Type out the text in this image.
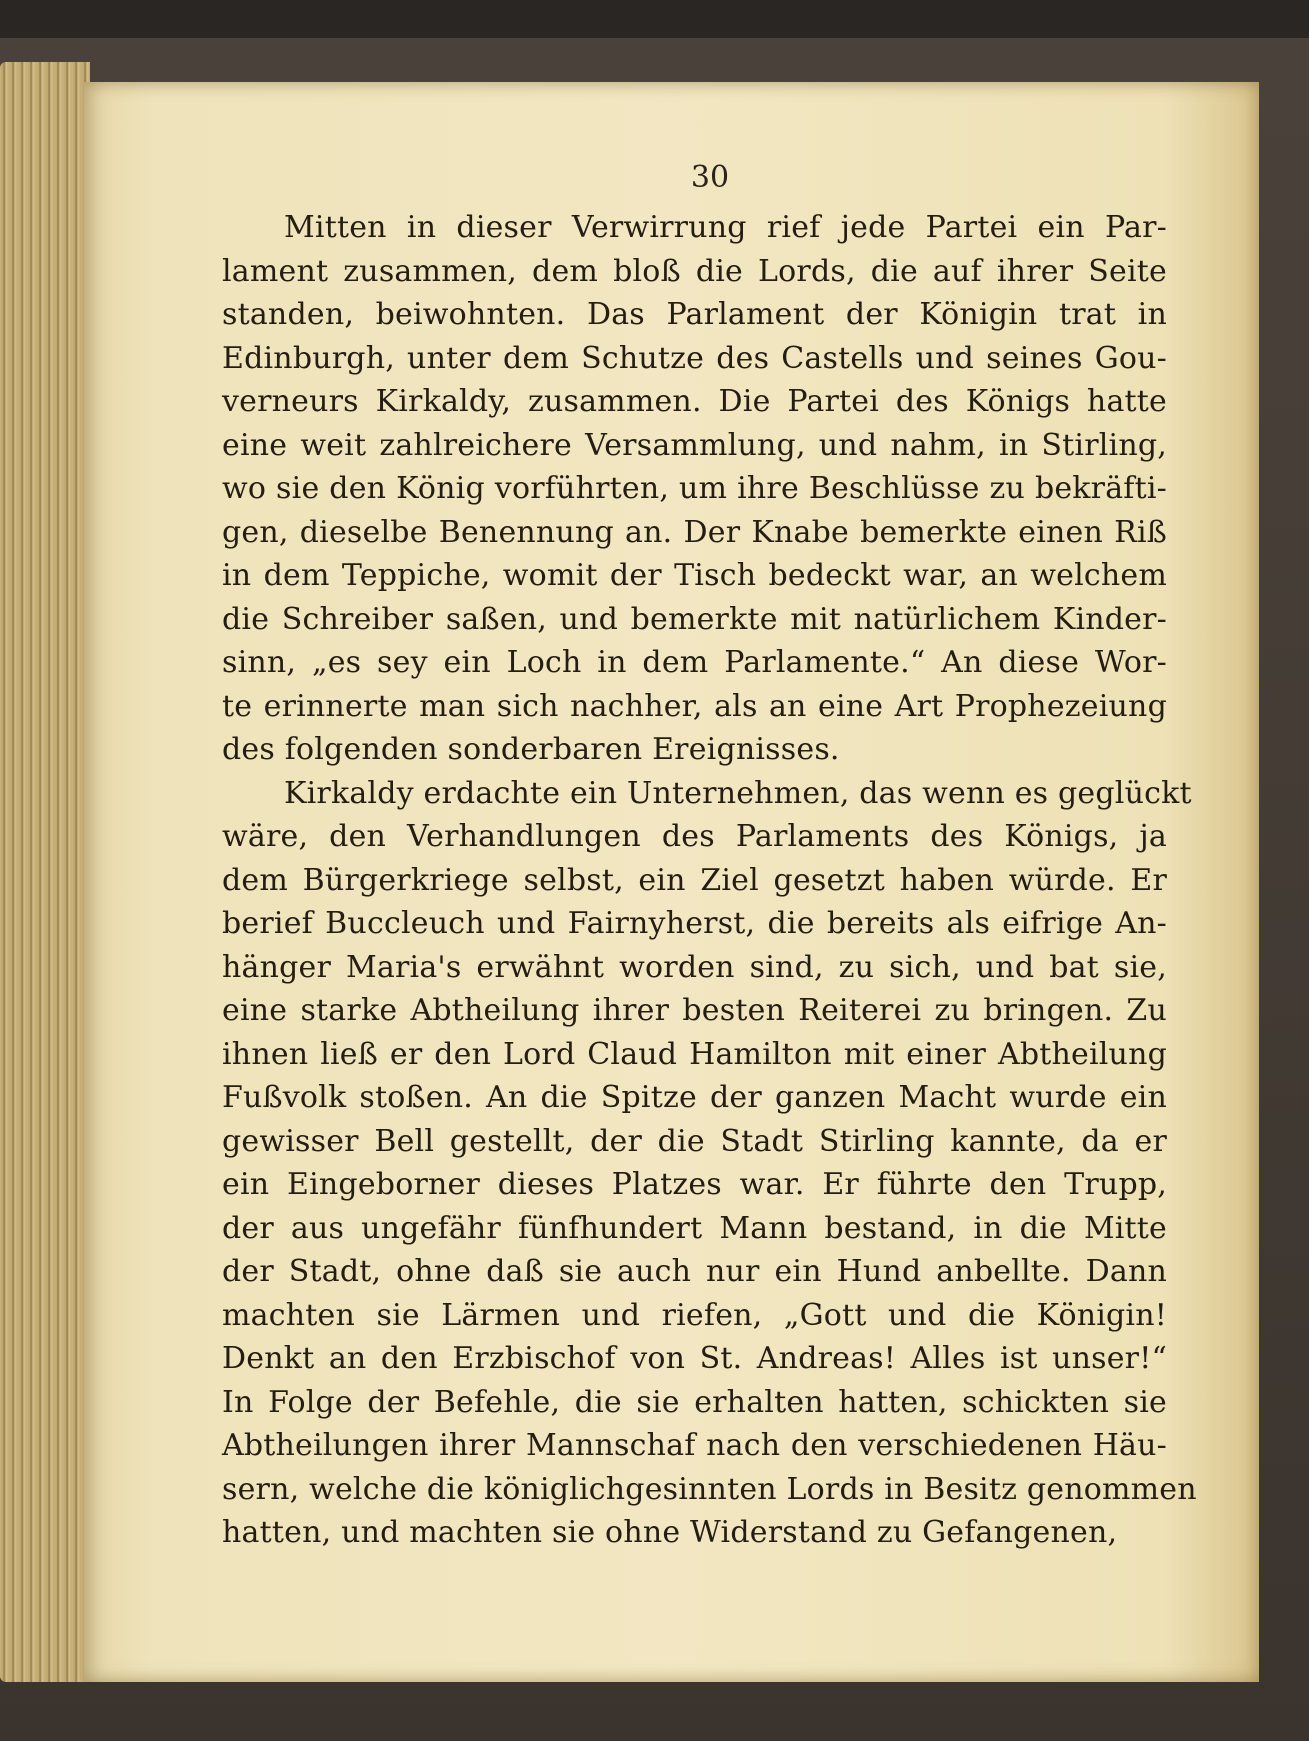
30
Mitten in dieser Verwirrung rief jede Partei ein Par-
lament zusammen, dem bloß die Lords, die auf ihrer Seite
standen, beiwohnten. Das Parlament der Königin trat in
Edinburgh, unter dem Schutze des Castells und seines Gou-
verneurs Kirkaldy, zusammen. Die Partei des Königs hatte
eine weit zahlreichere Versammlung, und nahm, in Stirling,
wo sie den König vorführten, um ihre Beschlüsse zu bekräfti-
gen, dieselbe Benennung an. Der Knabe bemerkte einen Riß
in dem Teppiche, womit der Tisch bedeckt war, an welchem
die Schreiber saßen, und bemerkte mit natürlichem Kinder-
sinn, „es sey ein Loch in dem Parlamente.“ An diese Wor-
te erinnerte man sich nachher, als an eine Art Prophezeiung
des folgenden sonderbaren Ereignisses.
Kirkaldy erdachte ein Unternehmen, das wenn es geglückt
wäre, den Verhandlungen des Parlaments des Königs, ja
dem Bürgerkriege selbst, ein Ziel gesetzt haben würde. Er
berief Buccleuch und Fairnyherst, die bereits als eifrige An-
hänger Maria's erwähnt worden sind, zu sich, und bat sie,
eine starke Abtheilung ihrer besten Reiterei zu bringen. Zu
ihnen ließ er den Lord Claud Hamilton mit einer Abtheilung
Fußvolk stoßen. An die Spitze der ganzen Macht wurde ein
gewisser Bell gestellt, der die Stadt Stirling kannte, da er
ein Eingeborner dieses Platzes war. Er führte den Trupp,
der aus ungefähr fünfhundert Mann bestand, in die Mitte
der Stadt, ohne daß sie auch nur ein Hund anbellte. Dann
machten sie Lärmen und riefen, „Gott und die Königin!
Denkt an den Erzbischof von St. Andreas! Alles ist unser!“
In Folge der Befehle, die sie erhalten hatten, schickten sie
Abtheilungen ihrer Mannschaf nach den verschiedenen Häu-
sern, welche die königlichgesinnten Lords in Besitz genommen
hatten, und machten sie ohne Widerstand zu Gefangenen,
